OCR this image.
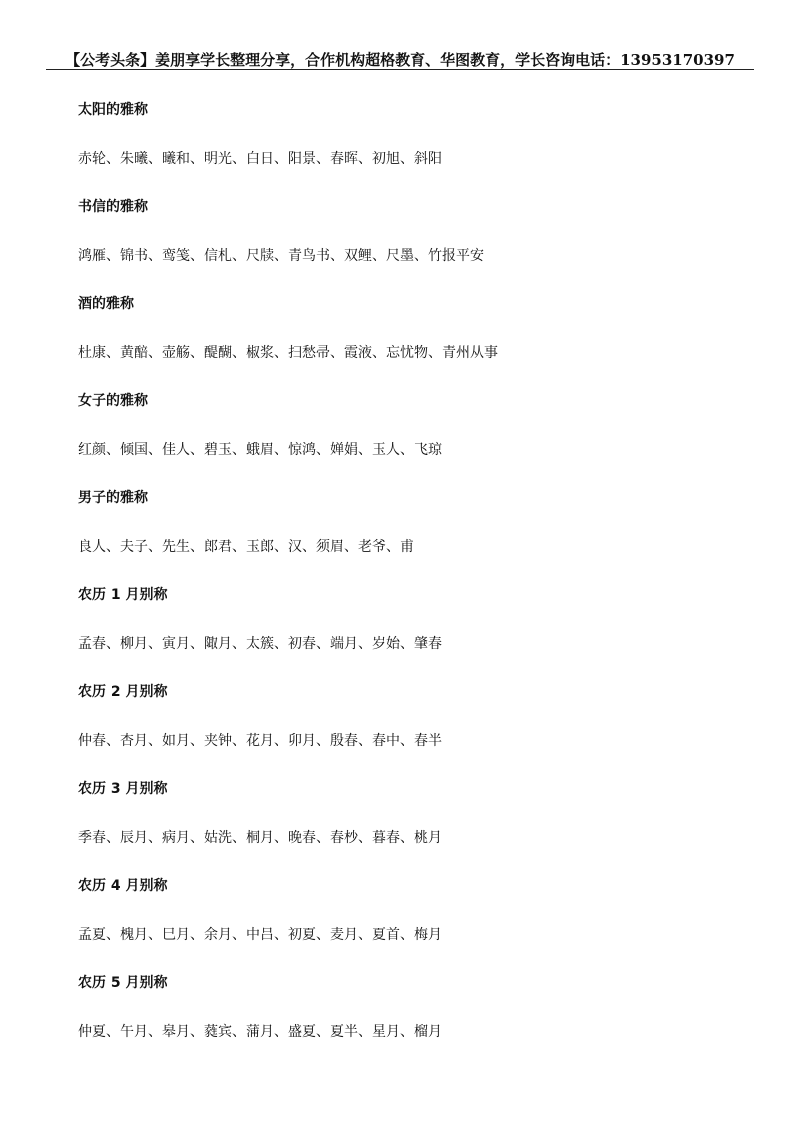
【公考头条】姜朋享学长整理分享，合作机构超格教育、华图教育，学长咨询电话：13953170397
太阳的雅称
赤轮、朱曦、曦和、明光、白日、阳景、春晖、初旭、斜阳
书信的雅称
鸿雁、锦书、鸾笺、信札、尺牍、青鸟书、双鲤、尺墨、竹报平安
酒的雅称
杜康、黄醅、壶觞、醍醐、椒浆、扫愁帚、霞液、忘忧物、青州从事
女子的雅称
红颜、倾国、佳人、碧玉、蛾眉、惊鸿、婵娟、玉人、飞琼
男子的雅称
良人、夫子、先生、郎君、玉郎、汉、须眉、老爷、甫
农历 1 月别称
孟春、柳月、寅月、陬月、太簇、初春、端月、岁始、肇春
农历 2 月别称
仲春、杏月、如月、夹钟、花月、卯月、殷春、春中、春半
农历 3 月别称
季春、辰月、病月、姑洗、桐月、晚春、春杪、暮春、桃月
农历 4 月别称
孟夏、槐月、巳月、余月、中吕、初夏、麦月、夏首、梅月
农历 5 月别称
仲夏、午月、皋月、蕤宾、蒲月、盛夏、夏半、星月、榴月
